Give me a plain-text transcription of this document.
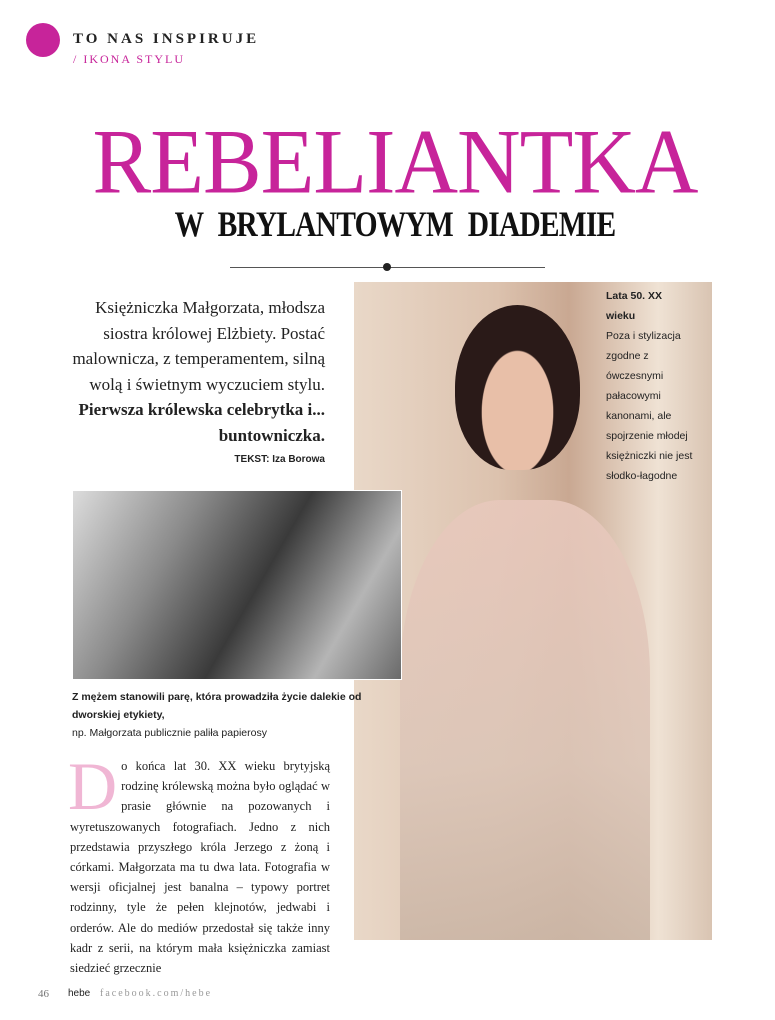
TO NAS INSPIRUJE
/ IKONA STYLU
REBELIANTKA
W BRYLANTOWYM DIADEMIE
Księżniczka Małgorzata, młodsza siostra królowej Elżbiety. Postać malownicza, z temperamentem, silną wolą i świetnym wyczuciem stylu. Pierwsza królewska celebrytka i... buntowniczka.
TEKST: Iza Borowa
Lata 50. XX wieku
Poza i stylizacja zgodne z ówczesnymi pałacowymi kanonami, ale spojrzenie młodej księżniczki nie jest słodko-łagodne
Z mężem stanowili parę, która prowadziła życie dalekie od dworskiej etykiety,
np. Małgorzata publicznie paliła papierosy
Do końca lat 30. XX wieku brytyjską rodzinę królewską można było oglądać w prasie głównie na pozowanych i wyretuszowanych fotografiach. Jedno z nich przedstawia przyszłego króla Jerzego z żoną i córkami. Małgorzata ma tu dwa lata. Fotografia w wersji oficjalnej jest banalna – typowy portret rodzinny, tyle że pełen klejnotów, jedwabi i orderów. Ale do mediów przedostał się także inny kadr z serii, na którym mała księżniczka zamiast siedzieć grzecznie
46 hebe facebook.com/hebe
